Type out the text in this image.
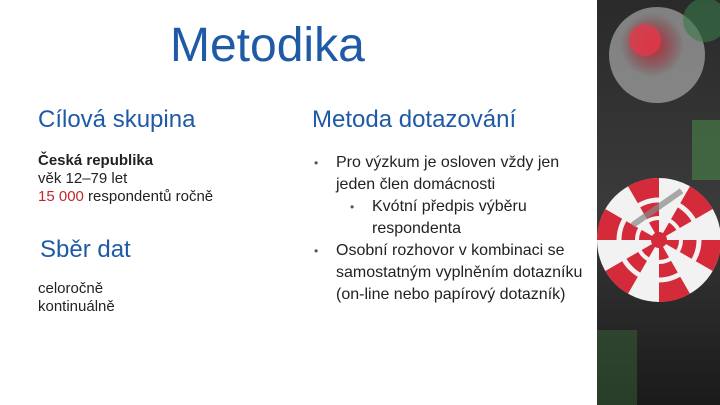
Metodika
Cílová skupina
Česká republika
věk 12–79 let
15 000 respondentů ročně
Sběr dat
celoročně
kontinuálně
Metoda dotazování
• Pro výzkum je osloven vždy jen jeden člen domácnosti
• Kvótní předpis výběru respondenta
• Osobní rozhovor v kombinaci se samostatným vyplněním dotazníku (on-line nebo papírový dotazník)
